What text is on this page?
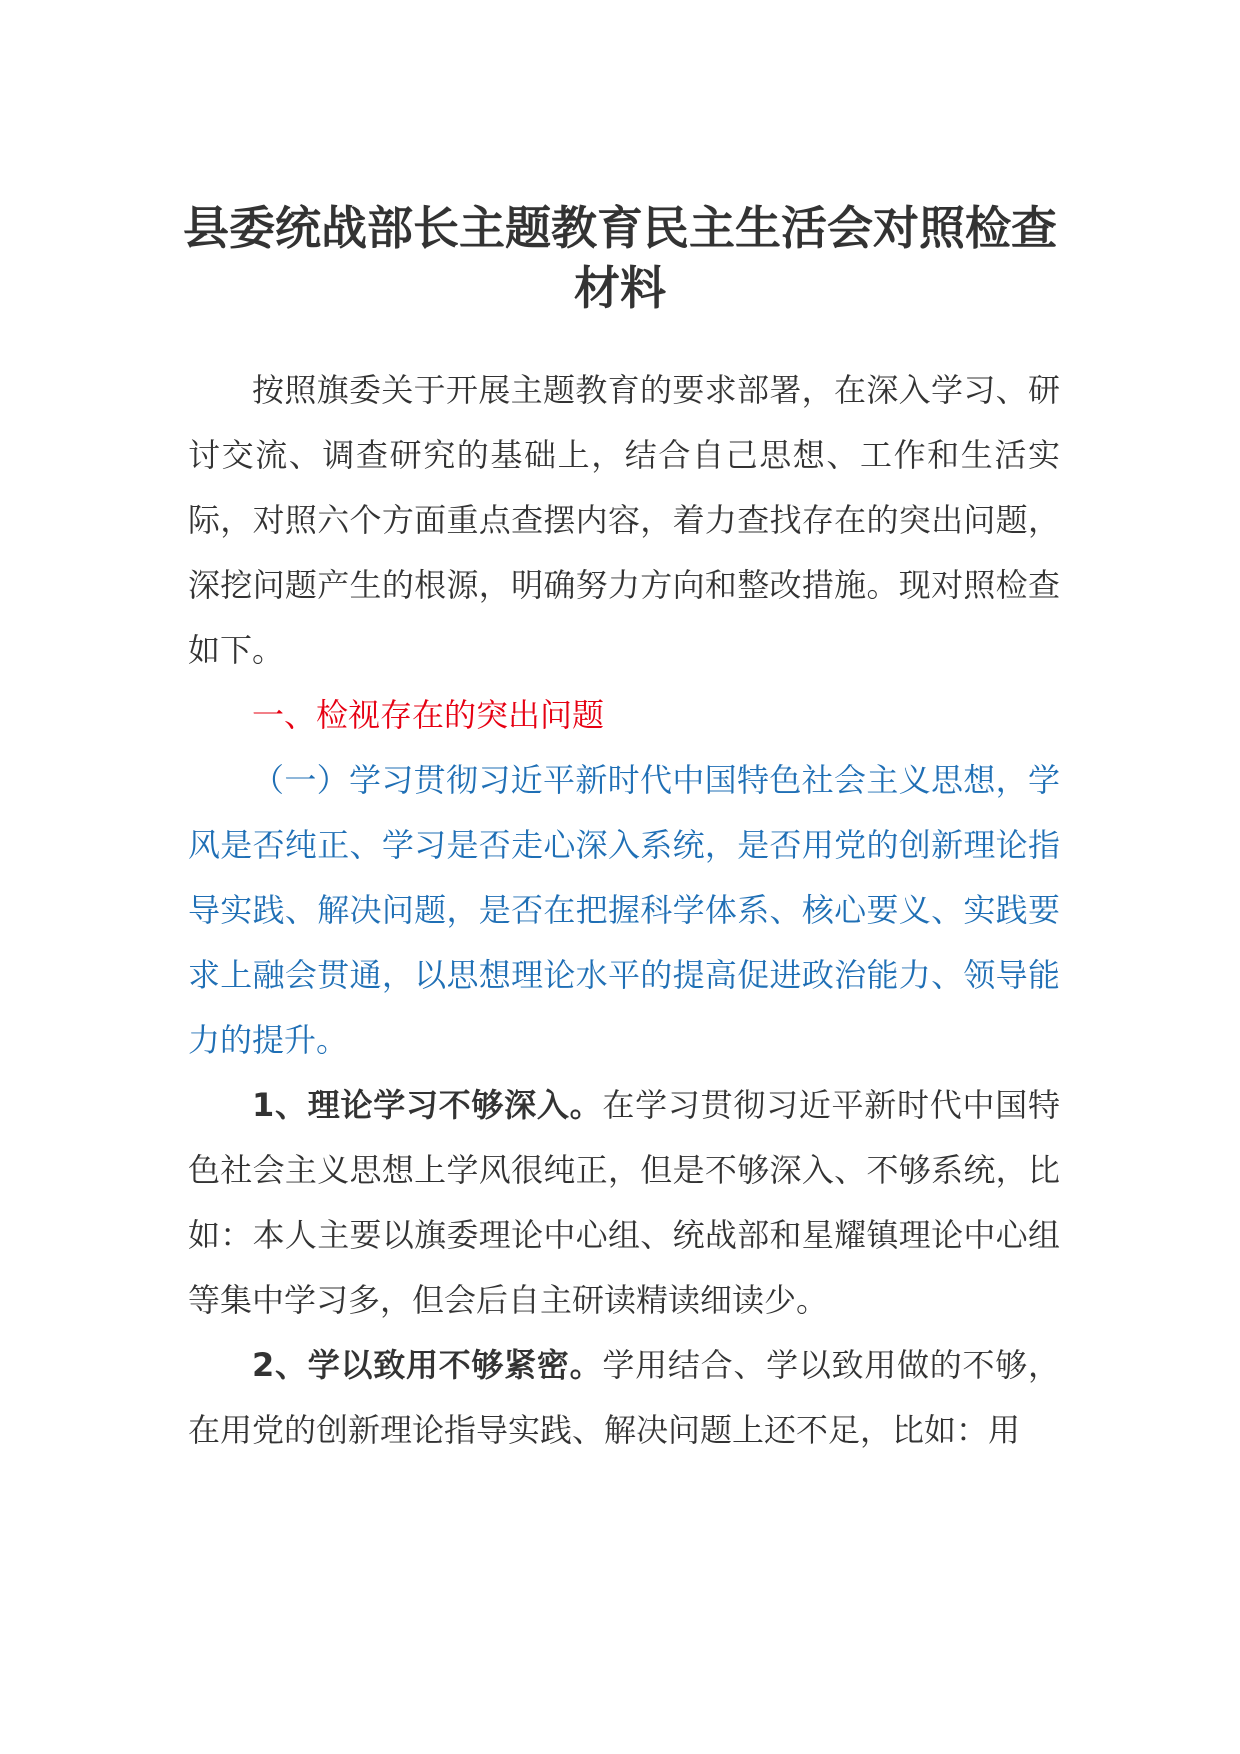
县委统战部长主题教育民主生活会对照检查
材料

按照旗委关于开展主题教育的要求部署，在深入学习、研讨交流、调查研究的基础上，结合自己思想、工作和生活实际，对照六个方面重点查摆内容，着力查找存在的突出问题，深挖问题产生的根源，明确努力方向和整改措施。现对照检查如下。

一、检视存在的突出问题

（一）学习贯彻习近平新时代中国特色社会主义思想，学风是否纯正、学习是否走心深入系统，是否用党的创新理论指导实践、解决问题，是否在把握科学体系、核心要义、实践要求上融会贯通，以思想理论水平的提高促进政治能力、领导能力的提升。

1、理论学习不够深入。在学习贯彻习近平新时代中国特色社会主义思想上学风很纯正，但是不够深入、不够系统，比如：本人主要以旗委理论中心组、统战部和星耀镇理论中心组等集中学习多，但会后自主研读精读细读少。

2、学以致用不够紧密。学用结合、学以致用做的不够，在用党的创新理论指导实践、解决问题上还不足，比如：用
